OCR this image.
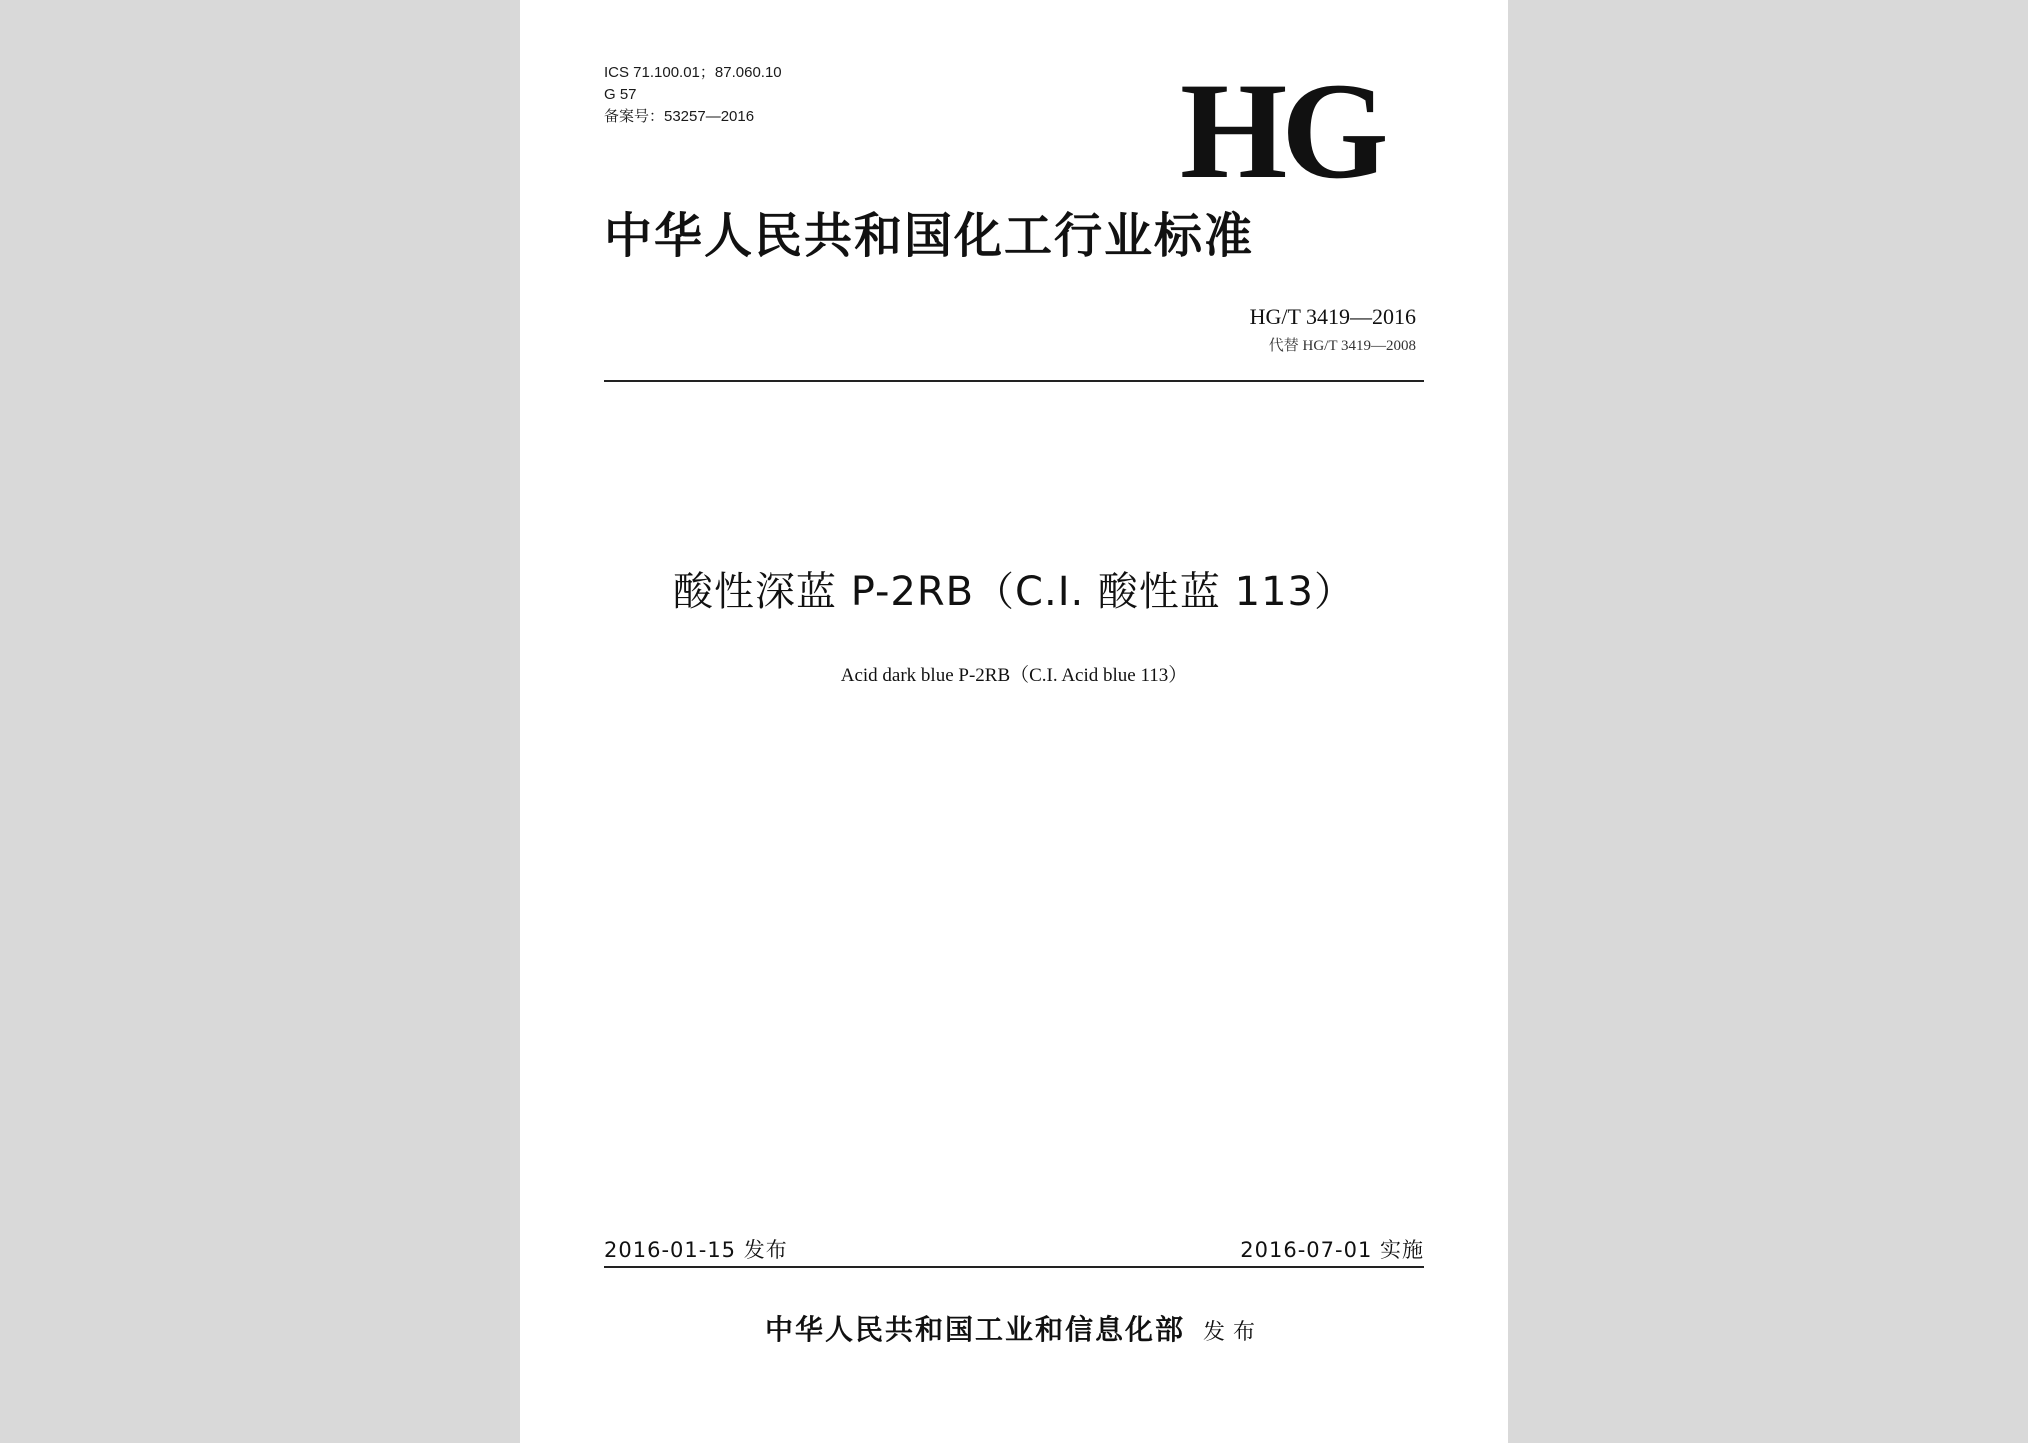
ICS 71.100.01；87.060.10
G 57
备案号：53257—2016	HG
中华人民共和国化工行业标准
HG/T 3419—2016
代替 HG/T 3419—2008
酸性深蓝 P-2RB（C.I. 酸性蓝 113）
Acid dark blue P-2RB（C.I. Acid blue 113）
2016-01-15 发布	2016-07-01 实施
中华人民共和国工业和信息化部 发布
